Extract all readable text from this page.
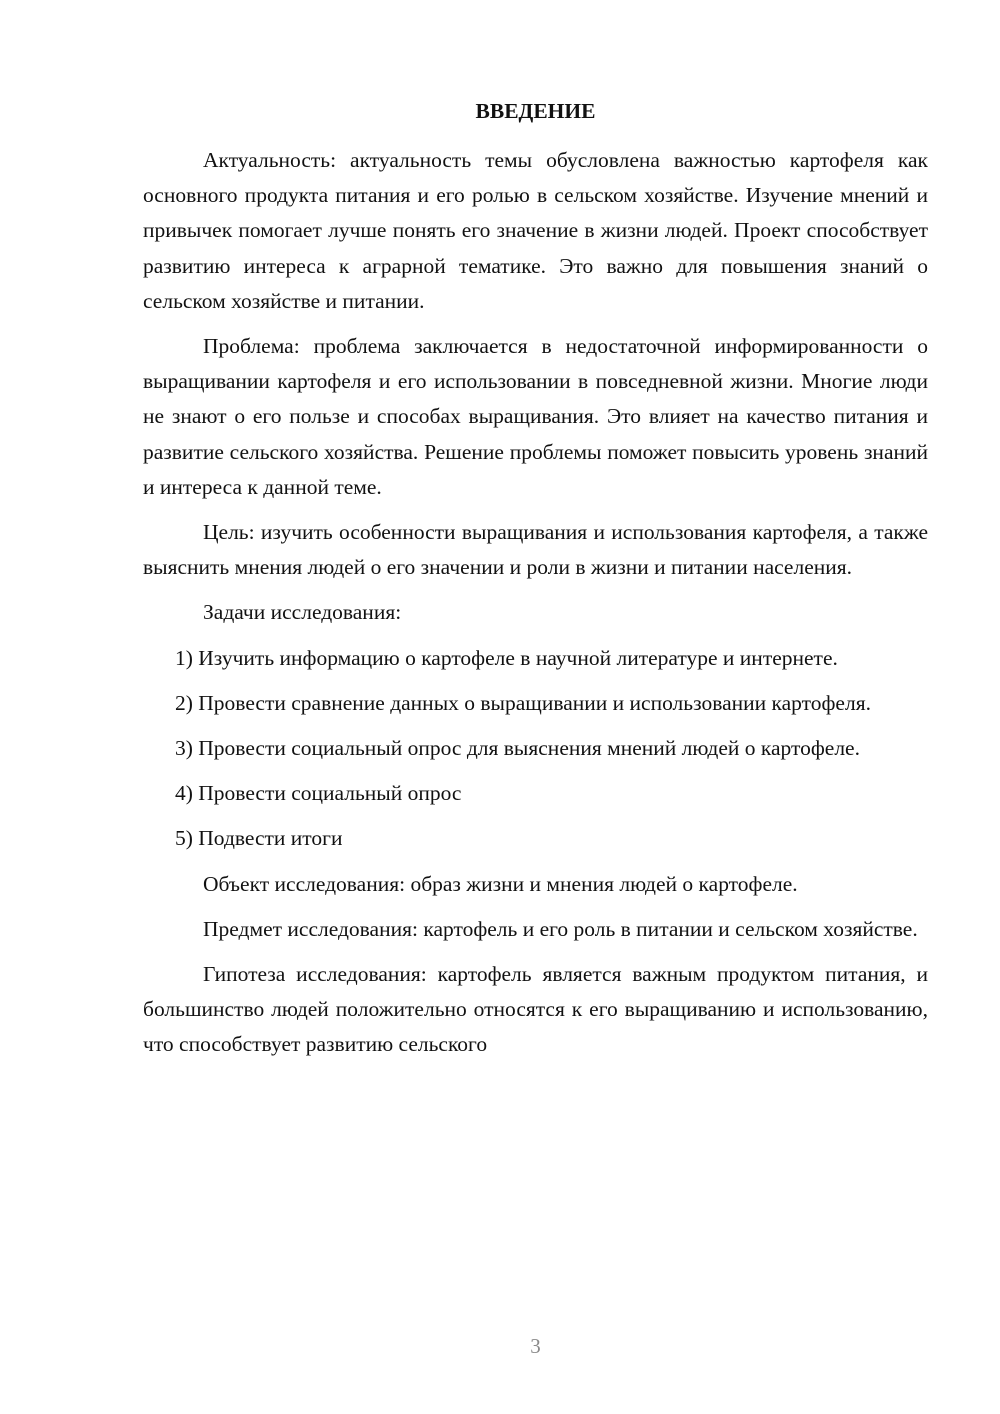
ВВЕДЕНИЕ

Актуальность: актуальность темы обусловлена важностью картофеля как основного продукта питания и его ролью в сельском хозяйстве. Изучение мнений и привычек помогает лучше понять его значение в жизни людей. Проект способствует развитию интереса к аграрной тематике. Это важно для повышения знаний о сельском хозяйстве и питании.

Проблема: проблема заключается в недостаточной информированности о выращивании картофеля и его использовании в повседневной жизни. Многие люди не знают о его пользе и способах выращивания. Это влияет на качество питания и развитие сельского хозяйства. Решение проблемы поможет повысить уровень знаний и интереса к данной теме.

Цель: изучить особенности выращивания и использования картофеля, а также выяснить мнения людей о его значении и роли в жизни и питании населения.

Задачи исследования:

1) Изучить информацию о картофеле в научной литературе и интернете.

2) Провести сравнение данных о выращивании и использовании картофеля.

3) Провести социальный опрос для выяснения мнений людей о картофеле.

4) Провести социальный опрос

5) Подвести итоги

Объект исследования: образ жизни и мнения людей о картофеле.

Предмет исследования: картофель и его роль в питании и сельском хозяйстве.

Гипотеза исследования: картофель является важным продуктом питания, и большинство людей положительно относятся к его выращиванию и использованию, что способствует развитию сельского

3
